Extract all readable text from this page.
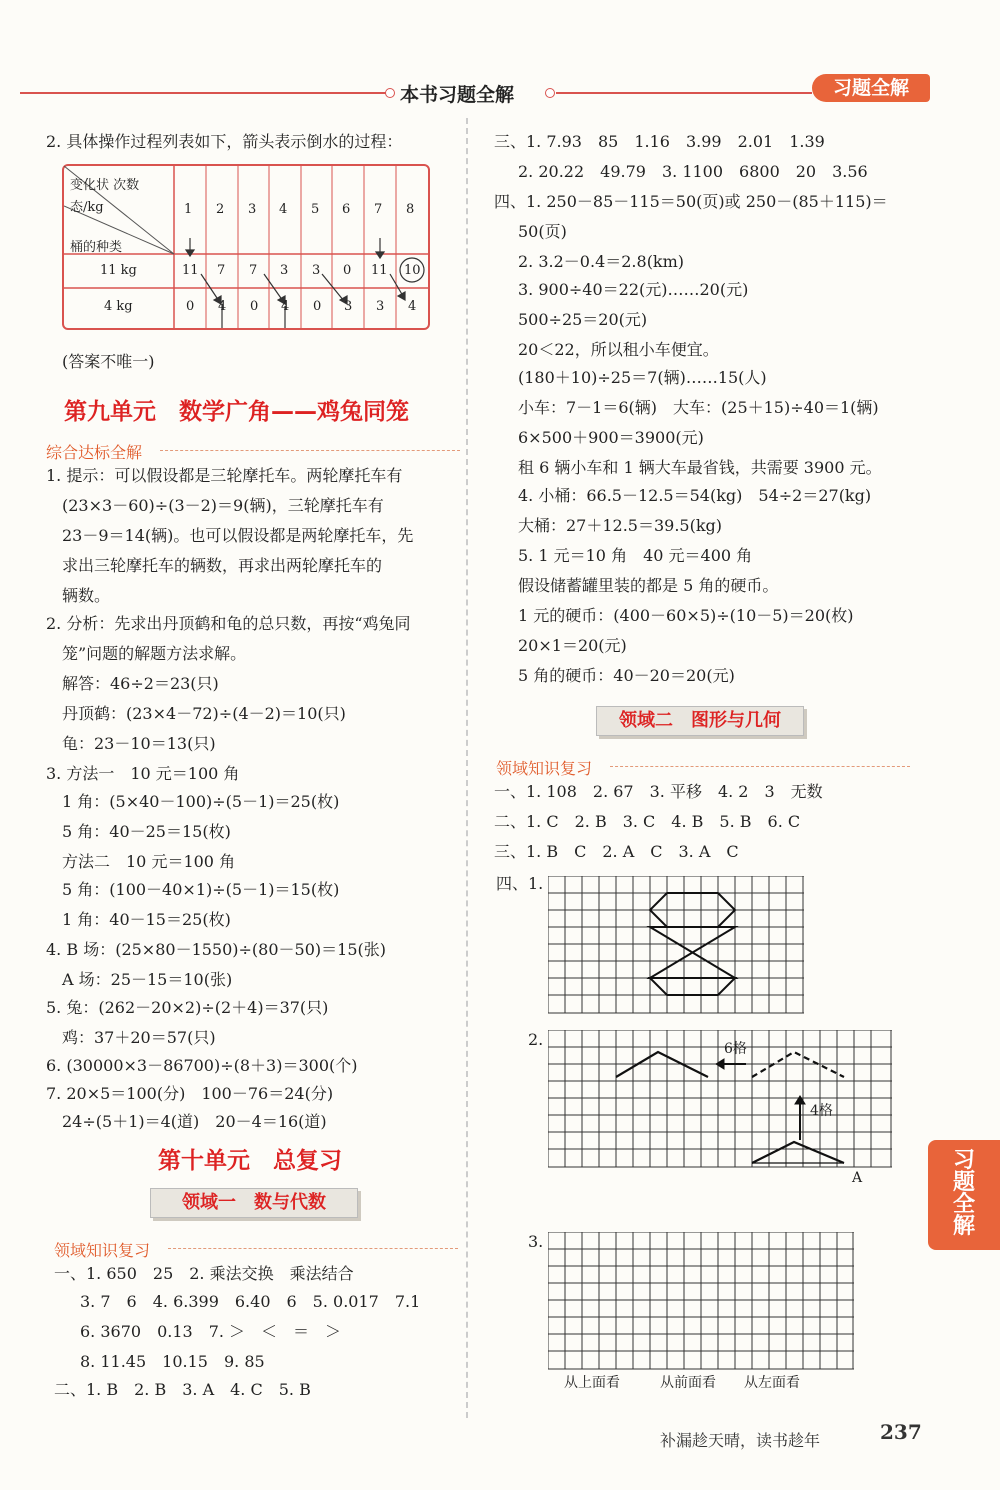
本书习题全解	习题全解
2. 具体操作过程列表如下，箭头表示倒水的过程：
变化状 次数
态/kg
桶的种类
1 2 3 4 5 6 7 8
11 kg	11 7 7 3 3 0 11 10
4 kg	0 4 0 4 0 3 3 4
(答案不唯一)
第九单元　数学广角——鸡兔同笼
综合达标全解
1. 提示：可以假设都是三轮摩托车。两轮摩托车有
(23×3－60)÷(3－2)＝9(辆)，三轮摩托车有
23－9＝14(辆)。也可以假设都是两轮摩托车，先
求出三轮摩托车的辆数，再求出两轮摩托车的
辆数。
2. 分析：先求出丹顶鹤和龟的总只数，再按“鸡兔同
笼”问题的解题方法求解。
解答：46÷2＝23(只)
丹顶鹤：(23×4－72)÷(4－2)＝10(只)
龟：23－10＝13(只)
3. 方法一　10 元＝100 角
1 角：(5×40－100)÷(5－1)＝25(枚)
5 角：40－25＝15(枚)
方法二　10 元＝100 角
5 角：(100－40×1)÷(5－1)＝15(枚)
1 角：40－15＝25(枚)
4. B 场：(25×80－1550)÷(80－50)＝15(张)
A 场：25－15＝10(张)
5. 兔：(262－20×2)÷(2＋4)＝37(只)
鸡：37＋20＝57(只)
6. (30000×3－86700)÷(8＋3)＝300(个)
7. 20×5＝100(分)　100－76＝24(分)
24÷(5＋1)＝4(道)　20－4＝16(道)
第十单元　总复习
领域一　数与代数
领域知识复习
一、1. 650　25　2. 乘法交换　乘法结合
3. 7　6　4. 6.399　6.40　6　5. 0.017　7.1
6. 3670　0.13　7. ＞　＜　＝　＞
8. 11.45　10.15　9. 85
二、1. B　2. B　3. A　4. C　5. B
三、1. 7.93　85　1.16　3.99　2.01　1.39
2. 20.22　49.79　3. 1100　6800　20　3.56
四、1. 250－85－115＝50(页)或 250－(85＋115)＝
50(页)
2. 3.2－0.4＝2.8(km)
3. 900÷40＝22(元)……20(元)
500÷25＝20(元)
20＜22，所以租小车便宜。
(180＋10)÷25＝7(辆)……15(人)
小车：7－1＝6(辆)　大车：(25＋15)÷40＝1(辆)
6×500＋900＝3900(元)
租 6 辆小车和 1 辆大车最省钱，共需要 3900 元。
4. 小桶：66.5－12.5＝54(kg)　54÷2＝27(kg)
大桶：27＋12.5＝39.5(kg)
5. 1 元＝10 角　40 元＝400 角
假设储蓄罐里装的都是 5 角的硬币。
1 元的硬币：(400－60×5)÷(10－5)＝20(枚)
20×1＝20(元)
5 角的硬币：40－20＝20(元)
领域二　图形与几何
领域知识复习
一、1. 108　2. 67　3. 平移　4. 2　3　无数
二、1. C　2. B　3. C　4. B　5. B　6. C
三、1. B　C　2. A　C　3. A　C
四、1.
2.	6格
4格
A
3.
从上面看	从前面看 从左面看
习
题
全
解
补漏趁天晴，读书趁年	237
